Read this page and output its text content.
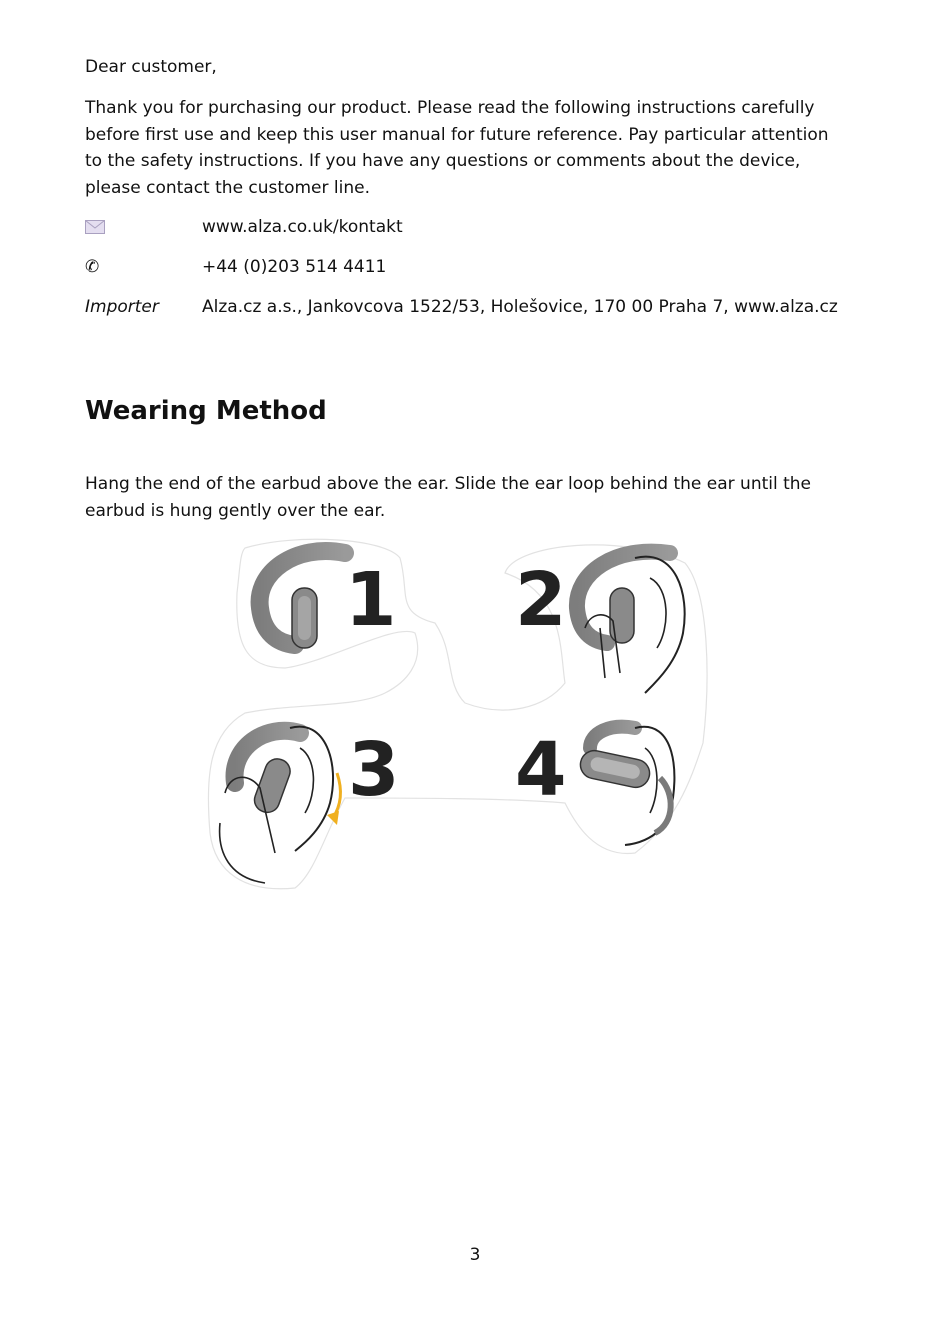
Dear customer,

Thank you for purchasing our product. Please read the following instructions carefully before first use and keep this user manual for future reference. Pay particular attention to the safety instructions. If you have any questions or comments about the device, please contact the customer line.

www.alza.co.uk/kontakt
✆	+44 (0)203 514 4411
Importer	Alza.cz a.s., Jankovcova 1522/53, Holešovice, 170 00 Praha 7, www.alza.cz
Wearing Method

Hang the end of the earbud above the ear. Slide the ear loop behind the ear until the earbud is hung gently over the ear.

1 2
3 4
3
